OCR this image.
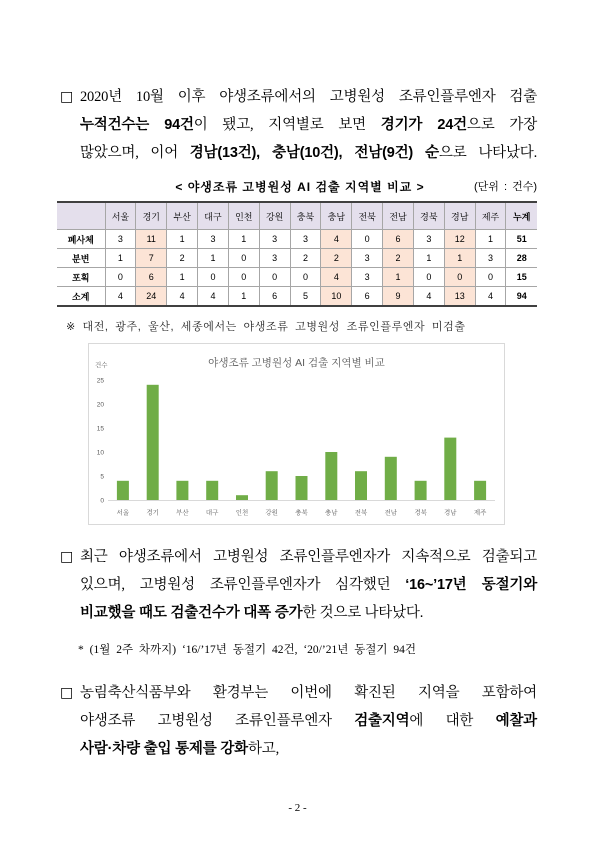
□ 2020년 10월 이후 야생조류에서의 고병원성 조류인플루엔자 검출
누적건수는 94건이 됐고, 지역별로 보면 경기가 24건으로 가장
많았으며, 이어 경남(13건), 충남(10건), 전남(9건) 순으로 나타났다.
< 야생조류 고병원성 AI 검출 지역별 비교 >	(단위 : 건수)
	서울	경기	부산	대구	인천	강원	충북	충남	전북	전남	경북	경남	제주	누계
폐사체	3	11	1	3	1	3	3	4	0	6	3	12	1	51
분변	1	7	2	1	0	3	2	2	3	2	1	1	3	28
포획	0	6	1	0	0	0	0	4	3	1	0	0	0	15
소계	4	24	4	4	1	6	5	10	6	9	4	13	4	94
※ 대전, 광주, 울산, 세종에서는 야생조류 고병원성 조류인플루엔자 미검출
야생조류 고병원성 AI 검출 지역별 비교
건수
0
5
10
15
20
25
서울	경기	부산	대구	인천	강원	충북	충남	전북	전남	경북	경남	제주
□ 최근 야생조류에서 고병원성 조류인플루엔자가 지속적으로 검출되고
있으며, 고병원성 조류인플루엔자가 심각했던 ‘16~’17년 동절기와
비교했을 때도 검출건수가 대폭 증가한 것으로 나타났다.
* (1월 2주 차까지) ‘16/’17년 동절기 42건, ‘20/’21년 동절기 94건
□ 농림축산식품부와 환경부는 이번에 확진된 지역을 포함하여
야생조류 고병원성 조류인플루엔자 검출지역에 대한 예찰과
사람·차량 출입 통제를 강화하고,
- 2 -
